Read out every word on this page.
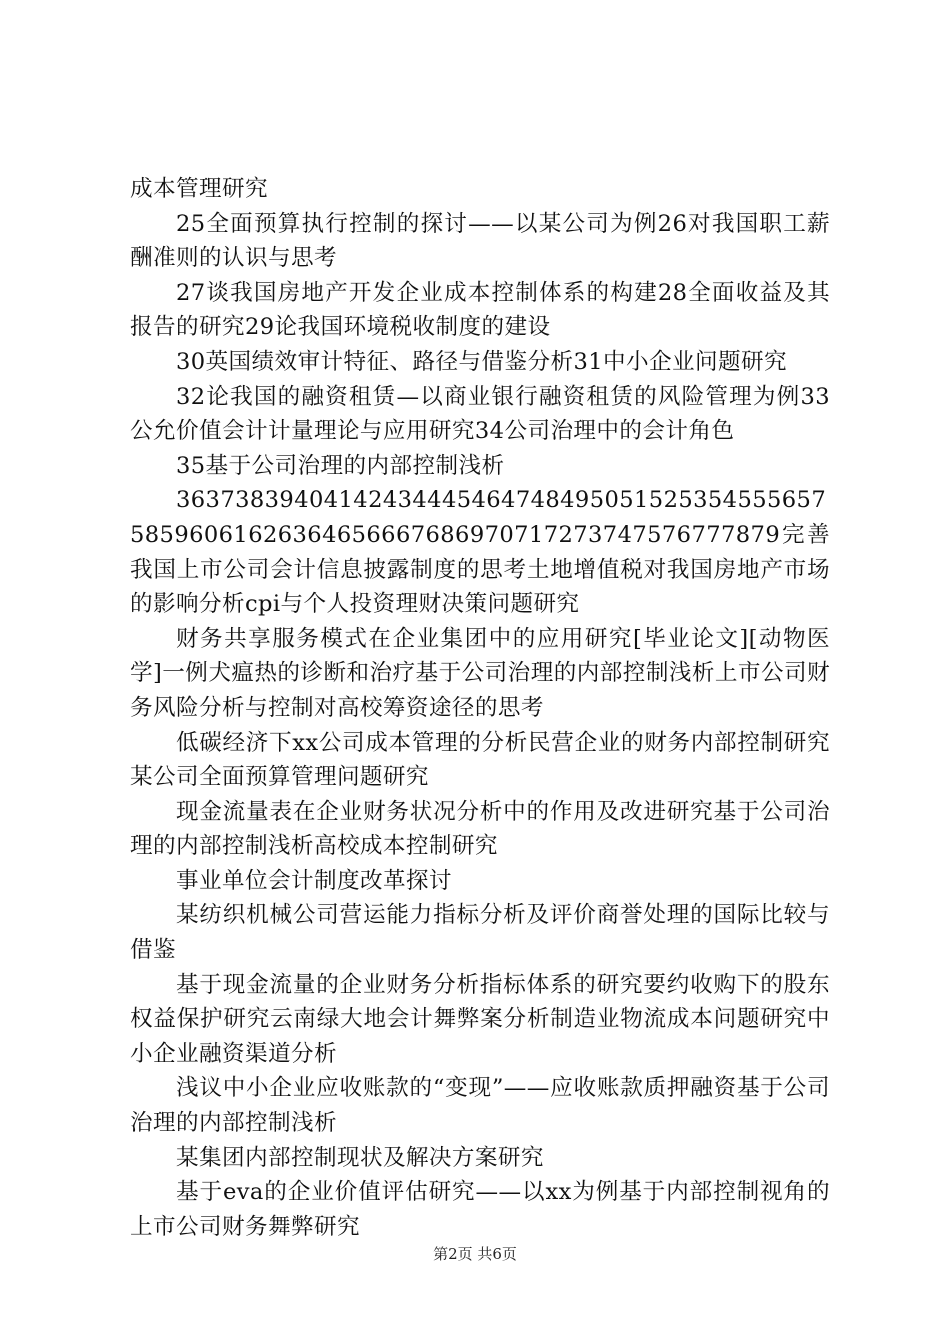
成本管理研究

25全面预算执行控制的探讨——以某公司为例26对我国职工薪酬准则的认识与思考

27谈我国房地产开发企业成本控制体系的构建28全面收益及其报告的研究29论我国环境税收制度的建设

30英国绩效审计特征、路径与借鉴分析31中小企业问题研究

32论我国的融资租赁—以商业银行融资租赁的风险管理为例33公允价值会计计量理论与应用研究34公司治理中的会计角色

35基于公司治理的内部控制浅析

3637383940414243444546474849505152535455565758596061626364656667686970717273747576777879完善我国上市公司会计信息披露制度的思考土地增值税对我国房地产市场的影响分析cpi与个人投资理财决策问题研究

财务共享服务模式在企业集团中的应用研究[毕业论文][动物医学]一例犬瘟热的诊断和治疗基于公司治理的内部控制浅析上市公司财务风险分析与控制对高校筹资途径的思考

低碳经济下xx公司成本管理的分析民营企业的财务内部控制研究某公司全面预算管理问题研究

现金流量表在企业财务状况分析中的作用及改进研究基于公司治理的内部控制浅析高校成本控制研究

事业单位会计制度改革探讨

某纺织机械公司营运能力指标分析及评价商誉处理的国际比较与借鉴

基于现金流量的企业财务分析指标体系的研究要约收购下的股东权益保护研究云南绿大地会计舞弊案分析制造业物流成本问题研究中小企业融资渠道分析

浅议中小企业应收账款的“变现”——应收账款质押融资基于公司治理的内部控制浅析

某集团内部控制现状及解决方案研究

基于eva的企业价值评估研究——以xx为例基于内部控制视角的上市公司财务舞弊研究

第2页 共6页
